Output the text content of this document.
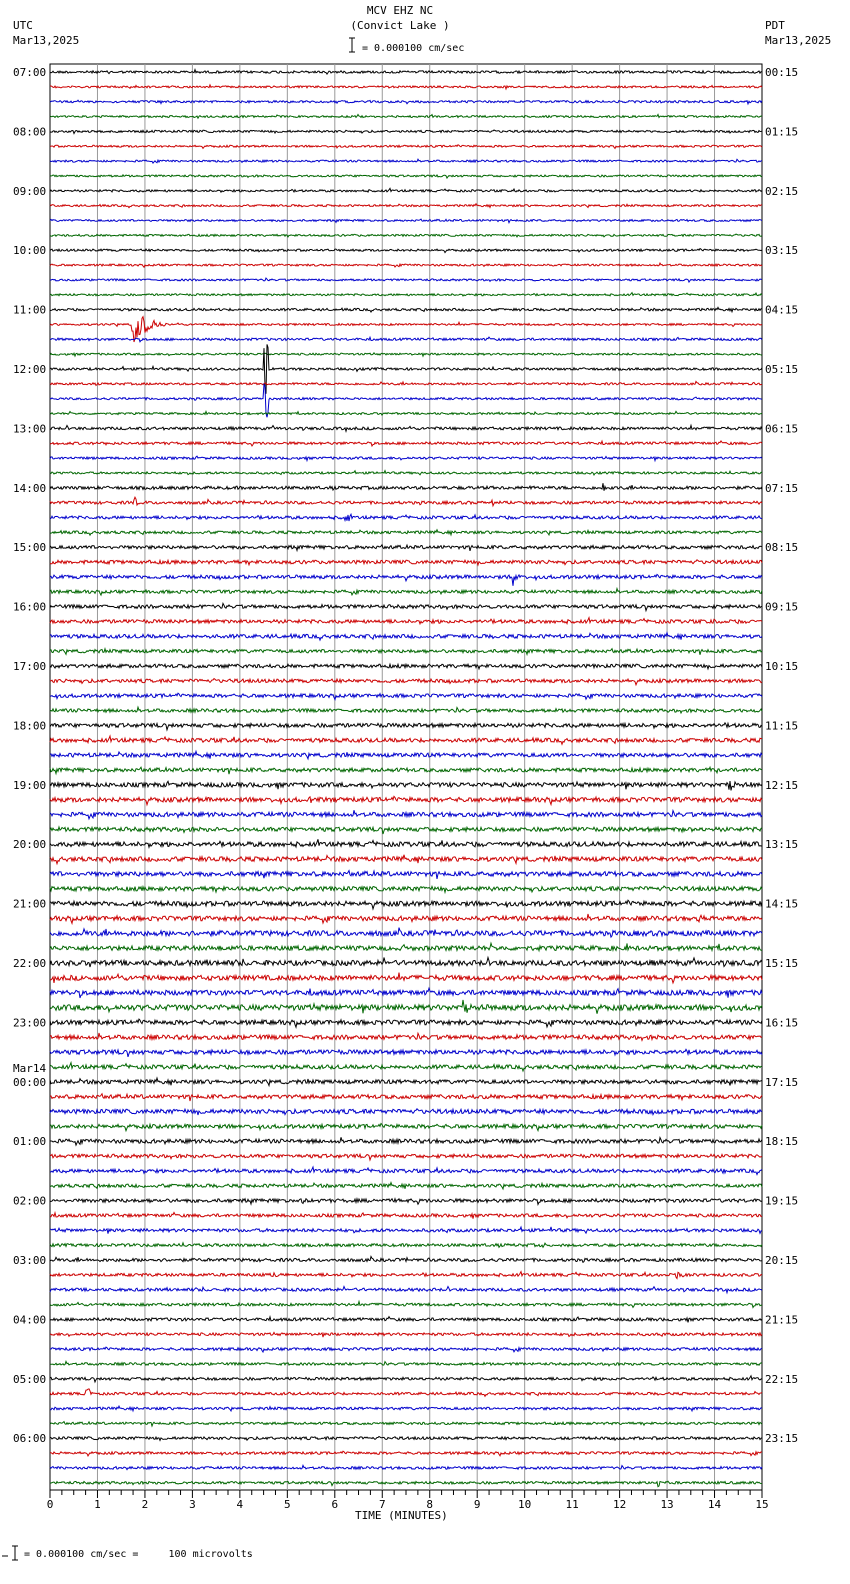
07:00	00:15
08:00	01:15
09:00	02:15
10:00	03:15
11:00	04:15
12:00	05:15
13:00	06:15
14:00	07:15
15:00	08:15
16:00	09:15
17:00	10:15
18:00	11:15
19:00	12:15
20:00	13:15
21:00	14:15
22:00	15:15
23:00	16:15
00:00	17:15
01:00	18:15
02:00	19:15
03:00	20:15
04:00	21:15
05:00	22:15
06:00	23:15
Mar14
0	1	2	3	4	5	6	7	8	9	10	11	12	13	14	15
MCV EHZ NC
(Convict Lake )
UTC
Mar13,2025
PDT
Mar13,2025
= 0.000100 cm/sec
TIME (MINUTES)
= 0.000100 cm/sec =     100 microvolts
